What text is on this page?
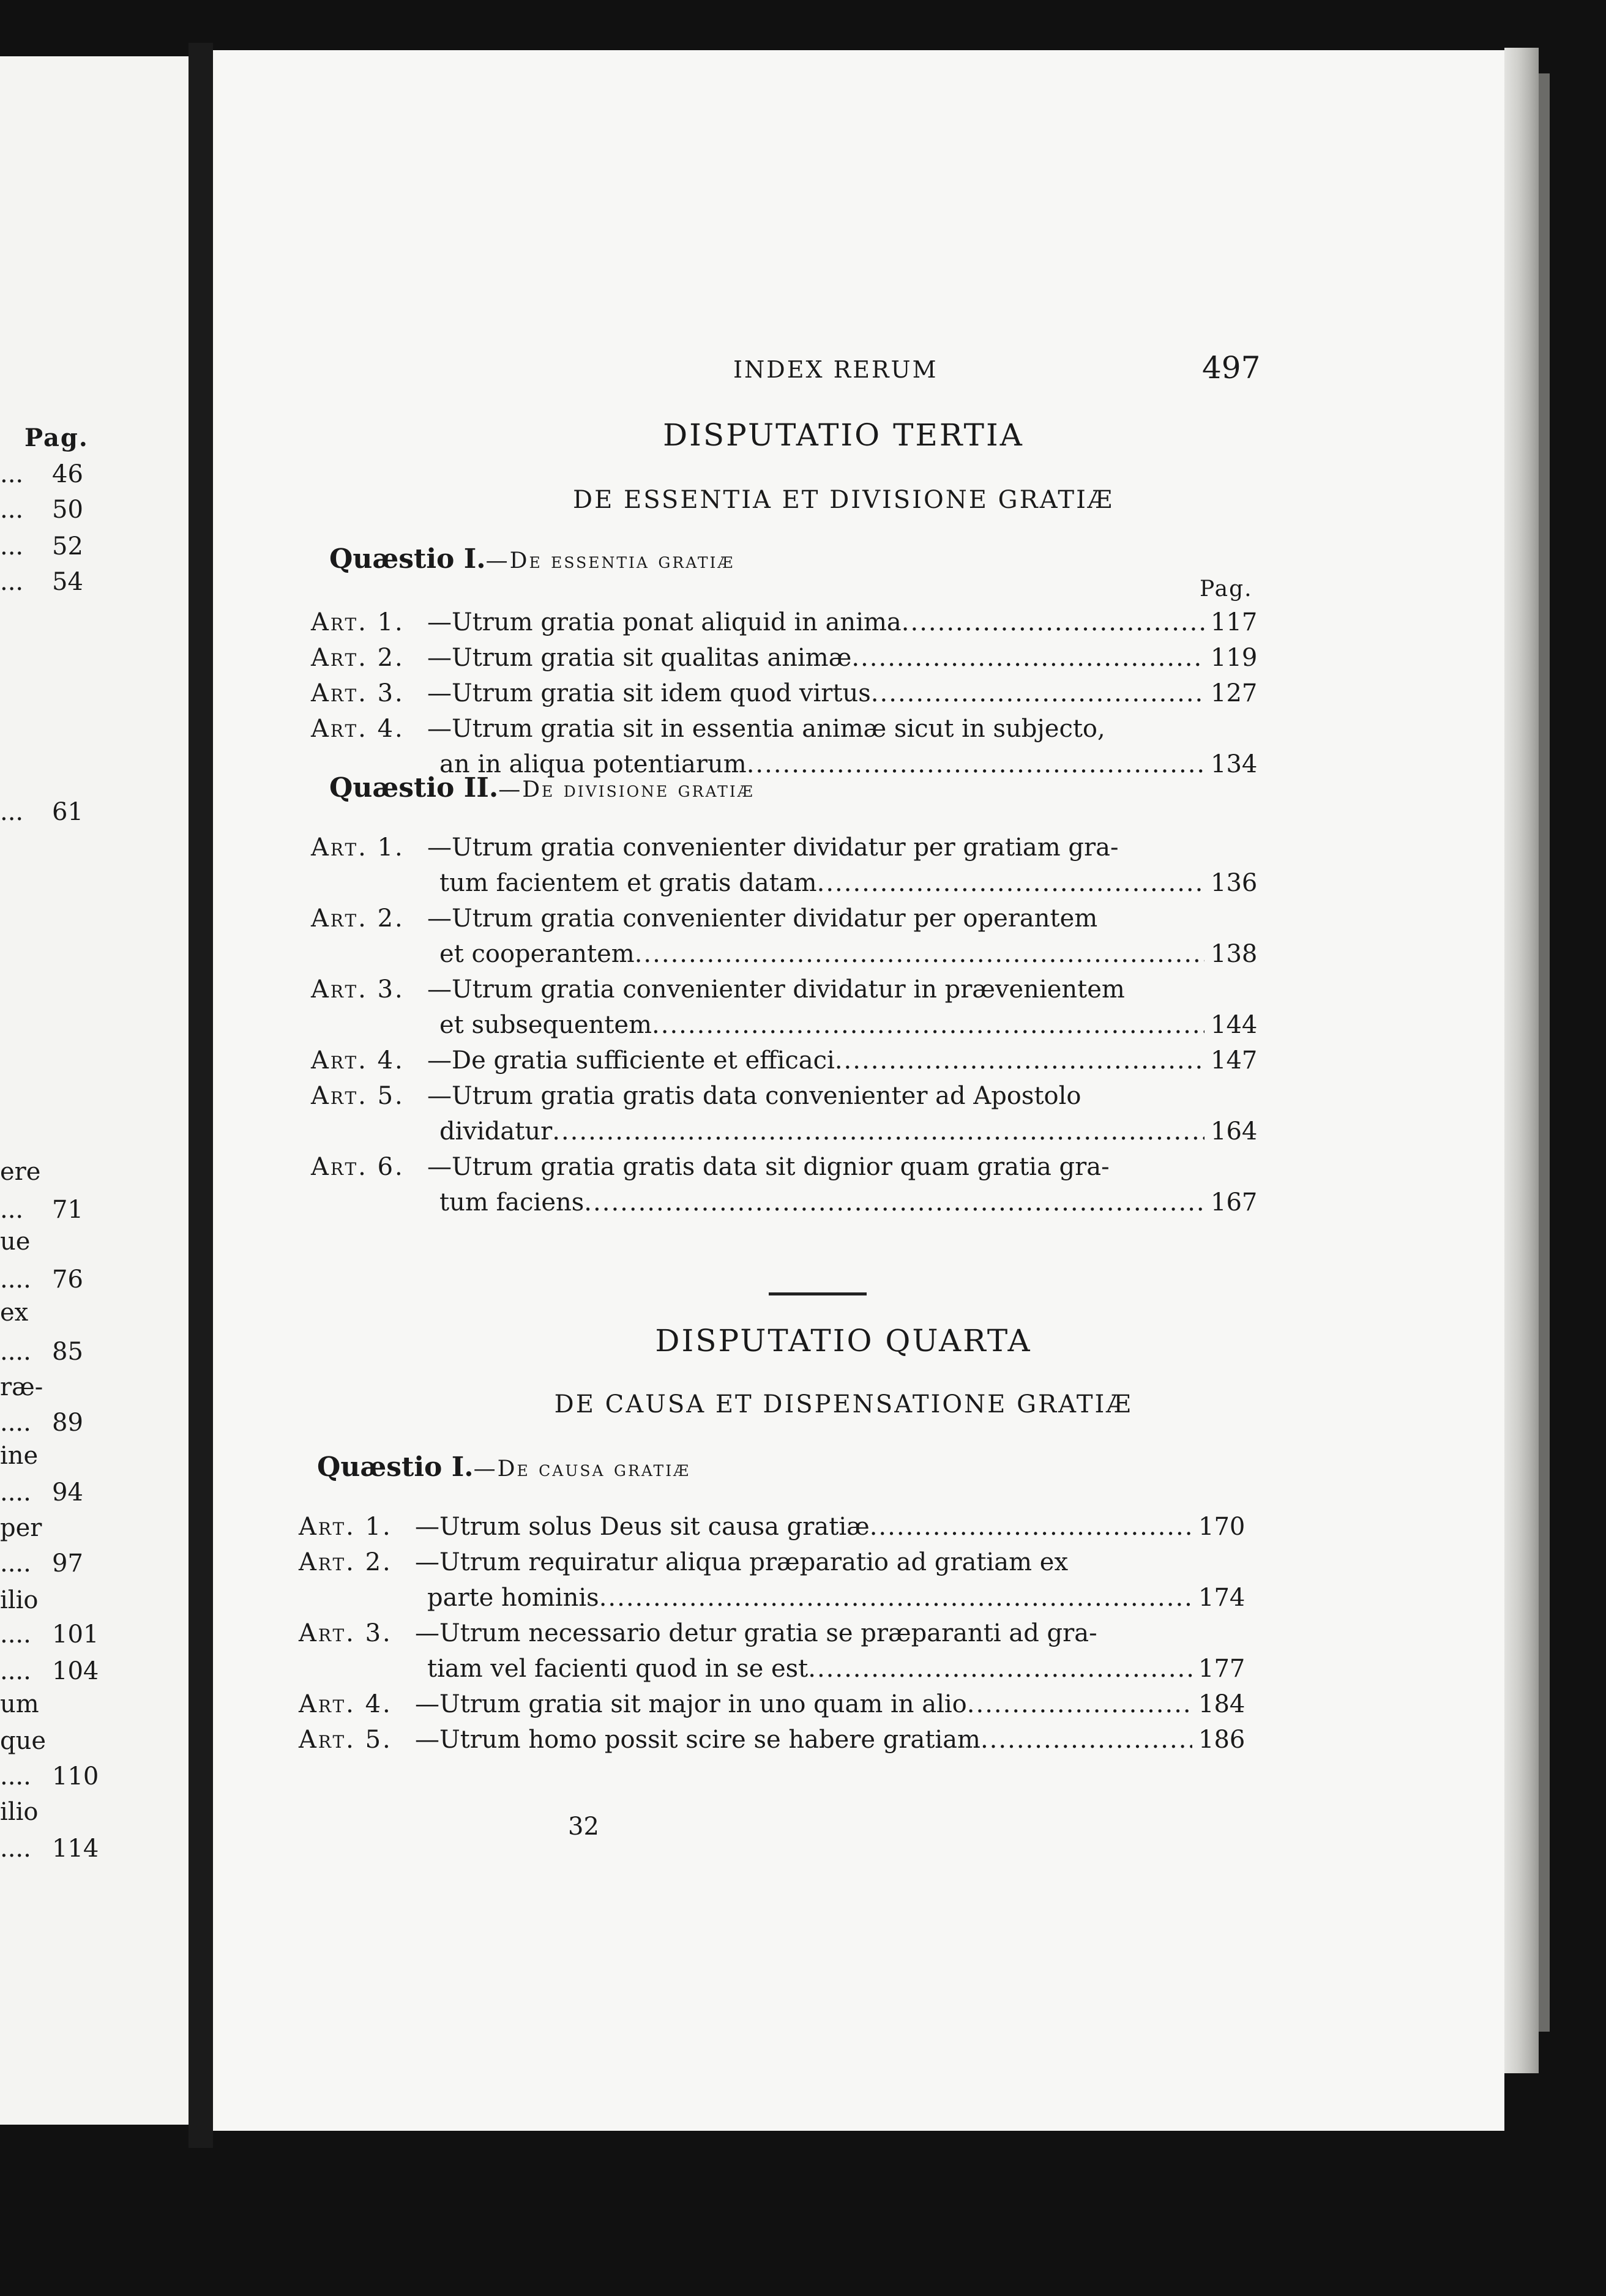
Pag.
... 46
... 50
... 52
... 54
... 61
ere
... 71
ue
.... 76
ex
.... 85
ræ-
.... 89
ine
.... 94
per
.... 97
ilio
.... 101
.... 104
um
que
.... 110
ilio
.... 114
INDEX RERUM	497
DISPUTATIO TERTIA
DE ESSENTIA ET DIVISIONE GRATIÆ
Quæstio I.—De essentia gratiæ
Pag.
Art. 1. —Utrum gratia ponat aliquid in anima .....	117
Art. 2. —Utrum gratia sit qualitas animæ .....	119
Art. 3. —Utrum gratia sit idem quod virtus .....	127
Art. 4. —Utrum gratia sit in essentia animæ sicut in subjecto,
an in aliqua potentiarum .....	134
Quæstio II.—De divisione gratiæ
Art. 1. —Utrum gratia convenienter dividatur per gratiam gra-
tum facientem et gratis datam .....	136
Art. 2. —Utrum gratia convenienter dividatur per operantem
et cooperantem .....	138
Art. 3. —Utrum gratia convenienter dividatur in prævenientem
et subsequentem .....	144
Art. 4. —De gratia sufficiente et efficaci .....	147
Art. 5. —Utrum gratia gratis data convenienter ad Apostolo
dividatur .....	164
Art. 6. —Utrum gratia gratis data sit dignior quam gratia gra-
tum faciens .....	167
DISPUTATIO QUARTA
DE CAUSA ET DISPENSATIONE GRATIÆ
Quæstio I.—De causa gratiæ
Art. 1. —Utrum solus Deus sit causa gratiæ .....	170
Art. 2. —Utrum requiratur aliqua præparatio ad gratiam ex
parte hominis .....	174
Art. 3. —Utrum necessario detur gratia se præparanti ad gra-
tiam vel facienti quod in se est .....	177
Art. 4. —Utrum gratia sit major in uno quam in alio .....	184
Art. 5. —Utrum homo possit scire se habere gratiam .....	186
32
